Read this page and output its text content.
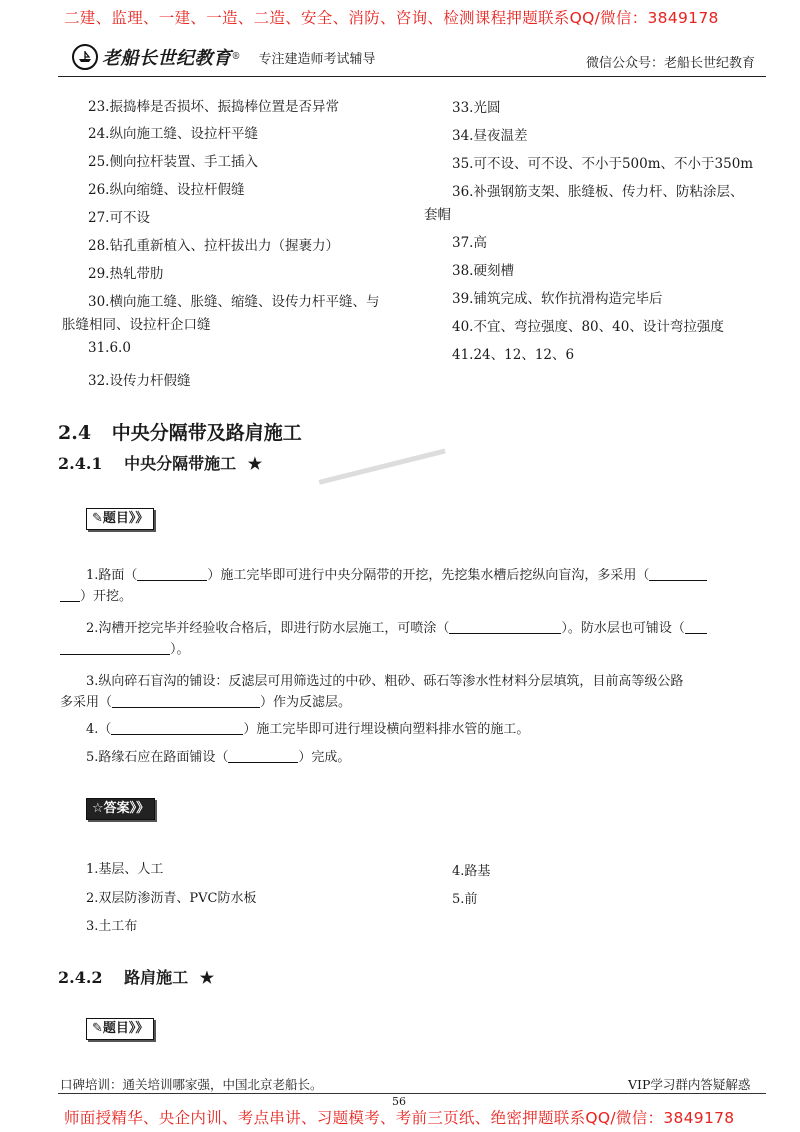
二建、监理、一建、一造、二造、安全、消防、咨询、检测课程押题联系QQ/微信：3849178
老船长世纪教育 ® 专注建造师考试辅导	微信公众号：老船长世纪教育
23.振捣棒是否损坏、振捣棒位置是否异常
24.纵向施工缝、设拉杆平缝
25.侧向拉杆装置、手工插入
26.纵向缩缝、设拉杆假缝
27.可不设
28.钻孔重新植入、拉杆拔出力（握裹力）
29.热轧带肋
30.横向施工缝、胀缝、缩缝、设传力杆平缝、与
胀缝相同、设拉杆企口缝
31.6.0
32.设传力杆假缝
33.光圆
34.昼夜温差
35.可不设、可不设、不小于500m、不小于350m
36.补强钢筋支架、胀缝板、传力杆、防粘涂层、
套帽
37.高
38.硬刻槽
39.铺筑完成、软作抗滑构造完毕后
40.不宜、弯拉强度、80、40、设计弯拉强度
41.24、12、12、6
2.4 中央分隔带及路肩施工
2.4.1 中央分隔带施工 ★
✎题目》》
1.路面（	）施工完毕即可进行中央分隔带的开挖，先挖集水槽后挖纵向盲沟，多采用（
）开挖。
2.沟槽开挖完毕并经验收合格后，即进行防水层施工，可喷涂（	）。防水层也可铺设（
）。
3.纵向碎石盲沟的铺设：反滤层可用筛选过的中砂、粗砂、砾石等渗水性材料分层填筑，目前高等级公路
多采用（	）作为反滤层。
4.（	）施工完毕即可进行埋设横向塑料排水管的施工。
5.路缘石应在路面铺设（	）完成。
☆答案》》
1.基层、人工
2.双层防渗沥青、PVC防水板
3.土工布
4.路基
5.前
2.4.2 路肩施工 ★
✎题目》》
口碑培训：通关培训哪家强，中国北京老船长。	VIP学习群内答疑解惑
56
师面授精华、央企内训、考点串讲、习题模考、考前三页纸、绝密押题联系QQ/微信：3849178
